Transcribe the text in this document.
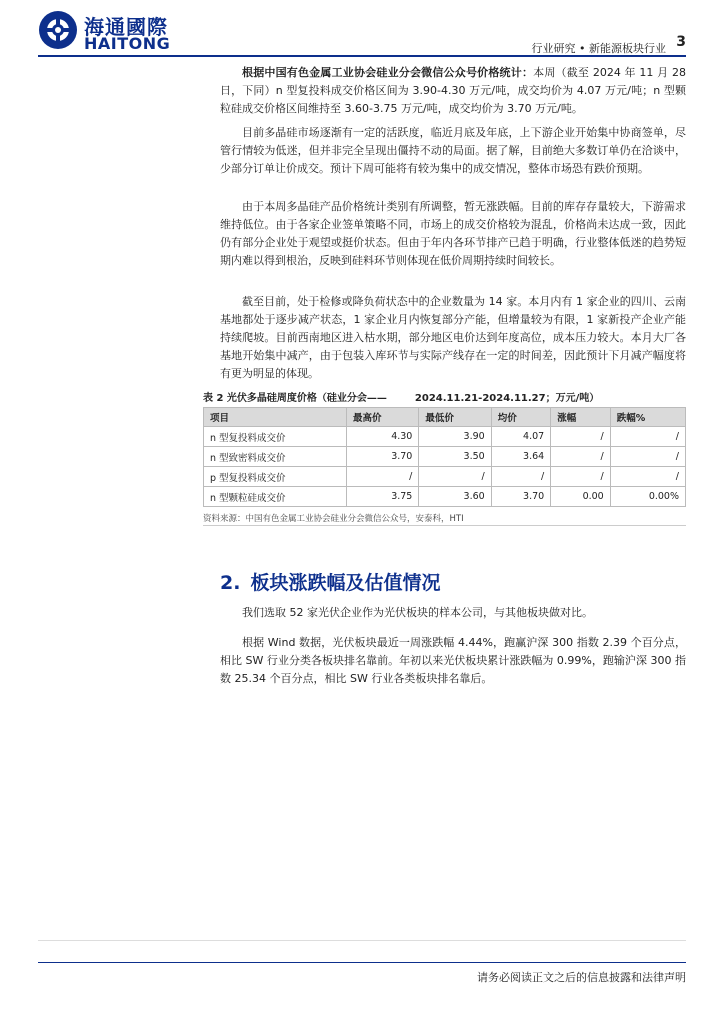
海通國際
HAITONG	行业研究 • 新能源板块行业 3

根据中国有色金属工业协会硅业分会微信公众号价格统计：本周（截至 2024 年 11 月 28 日，下同）n 型复投料成交价格区间为 3.90-4.30 万元/吨，成交均价为 4.07 万元/吨；n 型颗粒硅成交价格区间维持至 3.60-3.75 万元/吨，成交均价为 3.70 万元/吨。

目前多晶硅市场逐渐有一定的活跃度，临近月底及年底，上下游企业开始集中协商签单，尽管行情较为低迷，但并非完全呈现出僵持不动的局面。据了解，目前绝大多数订单仍在洽谈中，少部分订单让价成交。预计下周可能将有较为集中的成交情况，整体市场恐有跌价预期。

由于本周多晶硅产品价格统计类别有所调整，暂无涨跌幅。目前的库存存量较大，下游需求维持低位。由于各家企业签单策略不同，市场上的成交价格较为混乱，价格尚未达成一致，因此仍有部分企业处于观望或挺价状态。但由于年内各环节排产已趋于明确，行业整体低迷的趋势短期内难以得到根治，反映到硅料环节则体现在低价周期持续时间较长。

截至目前，处于检修或降负荷状态中的企业数量为 14 家。本月内有 1 家企业的四川、云南基地都处于逐步减产状态，1 家企业月内恢复部分产能，但增量较为有限，1 家新投产企业产能持续爬坡。目前西南地区进入枯水期，部分地区电价达到年度高位，成本压力较大。本月大厂各基地开始集中减产，由于包装入库环节与实际产线存在一定的时间差，因此预计下月减产幅度将有更为明显的体现。

表 2 光伏多晶硅周度价格（硅业分会——	2024.11.21-2024.11.27；万元/吨）
项目	最高价	最低价	均价	涨幅	跌幅%
n 型复投料成交价	4.30	3.90	4.07	/	/
n 型致密料成交价	3.70	3.50	3.64	/	/
p 型复投料成交价	/	/	/	/	/
n 型颗粒硅成交价	3.75	3.60	3.70	0.00	0.00%
资料来源：中国有色金属工业协会硅业分会微信公众号，安泰科，HTI
2. 板块涨跌幅及估值情况

我们选取 52 家光伏企业作为光伏板块的样本公司，与其他板块做对比。

根据 Wind 数据，光伏板块最近一周涨跌幅 4.44%，跑赢沪深 300 指数 2.39 个百分点，相比 SW 行业分类各板块排名靠前。年初以来光伏板块累计涨跌幅为 0.99%，跑输沪深 300 指数 25.34 个百分点，相比 SW 行业各类板块排名靠后。

请务必阅读正文之后的信息披露和法律声明
